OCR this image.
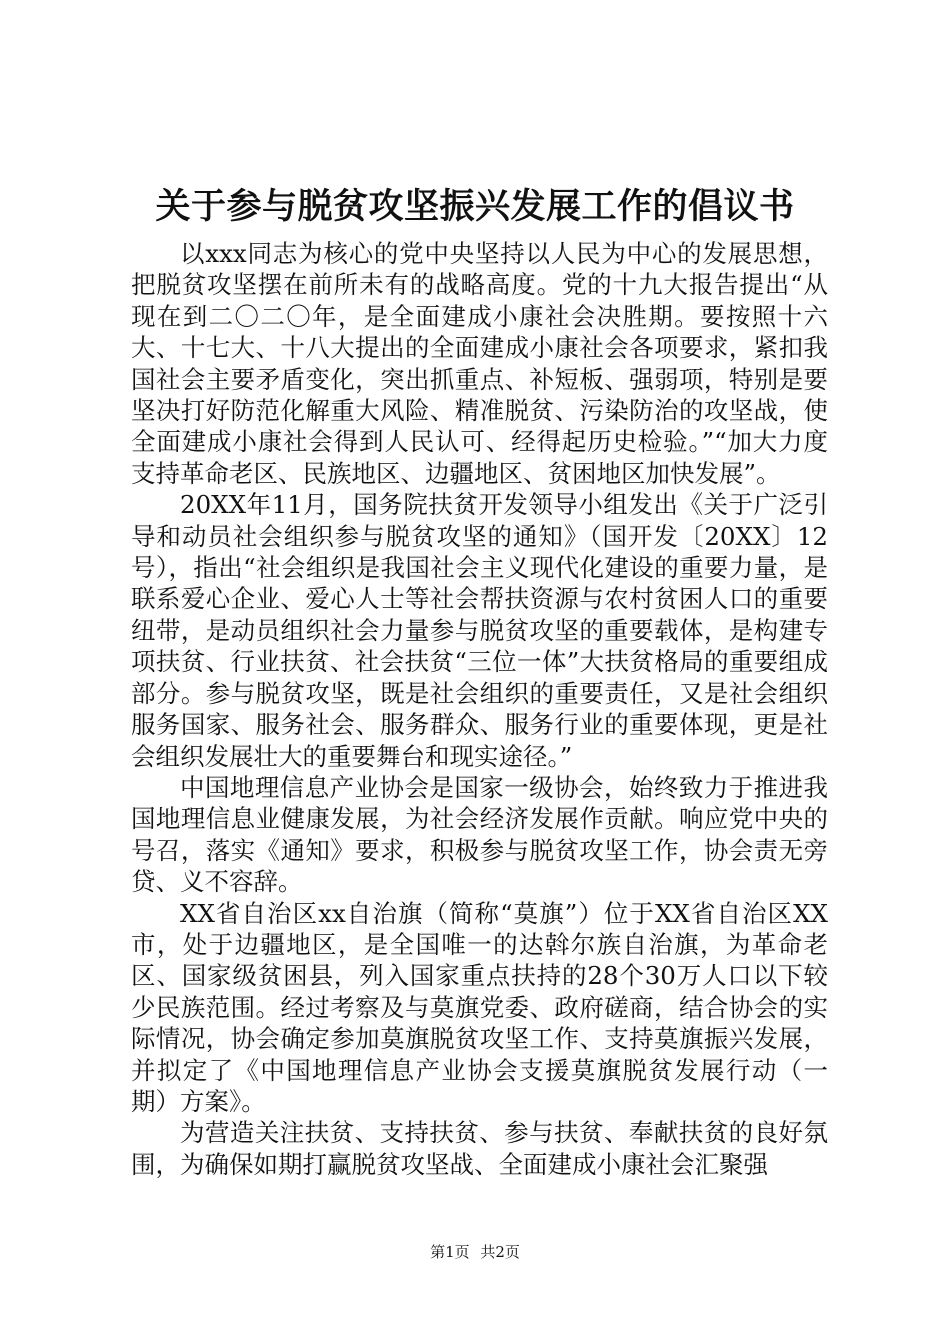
关于参与脱贫攻坚振兴发展工作的倡议书

以xxx同志为核心的党中央坚持以人民为中心的发展思想，把脱贫攻坚摆在前所未有的战略高度。党的十九大报告提出“从现在到二〇二〇年，是全面建成小康社会决胜期。要按照十六大、十七大、十八大提出的全面建成小康社会各项要求，紧扣我国社会主要矛盾变化，突出抓重点、补短板、强弱项，特别是要坚决打好防范化解重大风险、精准脱贫、污染防治的攻坚战，使全面建成小康社会得到人民认可、经得起历史检验。”“加大力度支持革命老区、民族地区、边疆地区、贫困地区加快发展”。

20XX年11月，国务院扶贫开发领导小组发出《关于广泛引导和动员社会组织参与脱贫攻坚的通知》（国开发〔20XX〕12号），指出“社会组织是我国社会主义现代化建设的重要力量，是联系爱心企业、爱心人士等社会帮扶资源与农村贫困人口的重要纽带，是动员组织社会力量参与脱贫攻坚的重要载体，是构建专项扶贫、行业扶贫、社会扶贫“三位一体”大扶贫格局的重要组成部分。参与脱贫攻坚，既是社会组织的重要责任，又是社会组织服务国家、服务社会、服务群众、服务行业的重要体现，更是社会组织发展壮大的重要舞台和现实途径。”

中国地理信息产业协会是国家一级协会，始终致力于推进我国地理信息业健康发展，为社会经济发展作贡献。响应党中央的号召，落实《通知》要求，积极参与脱贫攻坚工作，协会责无旁贷、义不容辞。

XX省自治区xx自治旗（简称“莫旗”）位于XX省自治区XX市，处于边疆地区，是全国唯一的达斡尔族自治旗，为革命老区、国家级贫困县，列入国家重点扶持的28个30万人口以下较少民族范围。经过考察及与莫旗党委、政府磋商，结合协会的实际情况，协会确定参加莫旗脱贫攻坚工作、支持莫旗振兴发展，并拟定了《中国地理信息产业协会支援莫旗脱贫发展行动（一期）方案》。

为营造关注扶贫、支持扶贫、参与扶贫、奉献扶贫的良好氛围，为确保如期打赢脱贫攻坚战、全面建成小康社会汇聚强

第1页 共2页
